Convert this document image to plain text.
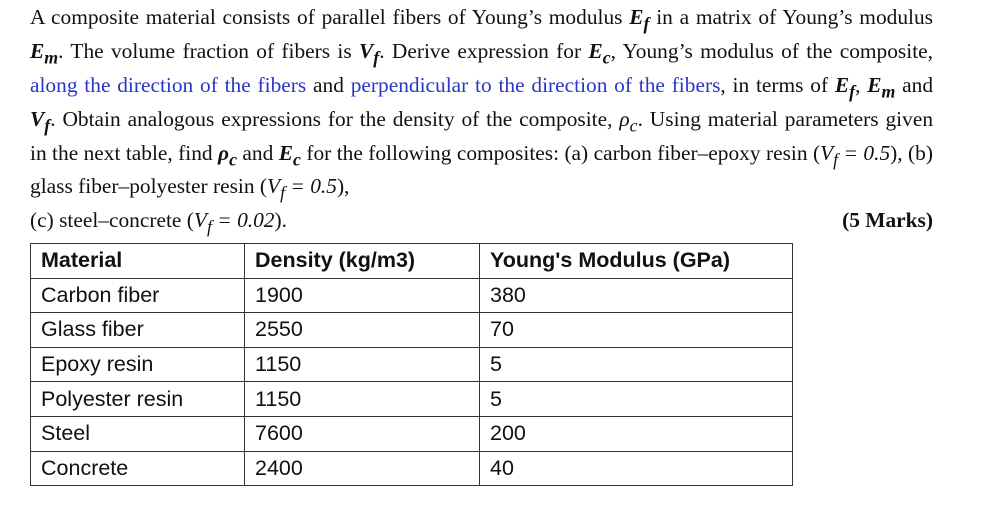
A composite material consists of parallel fibers of Young’s modulus $E_f$ in a matrix of Young’s modulus $E_m$. The volume fraction of fibers is $V_f$. Derive expression for $E_c$, Young’s modulus of the composite, along the direction of the fibers and perpendicular to the direction of the fibers, in terms of $E_f$, $E_m$ and $V_f$. Obtain analogous expressions for the density of the composite, $\rho_c$. Using material parameters given in the next table, find $\rho_c$ and $E_c$ for the following composites: (a) carbon fiber–epoxy resin $(V_f = 0.5)$, (b) glass fiber–polyester resin $(V_f = 0.5)$,
(c) steel–concrete $(V_f = 0.02)$.	(5 Marks)
Material	Density (kg/m3)	Young's Modulus (GPa)
Carbon fiber	1900	380
Glass fiber	2550	70
Epoxy resin	1150	5
Polyester resin	1150	5
Steel	7600	200
Concrete	2400	40
